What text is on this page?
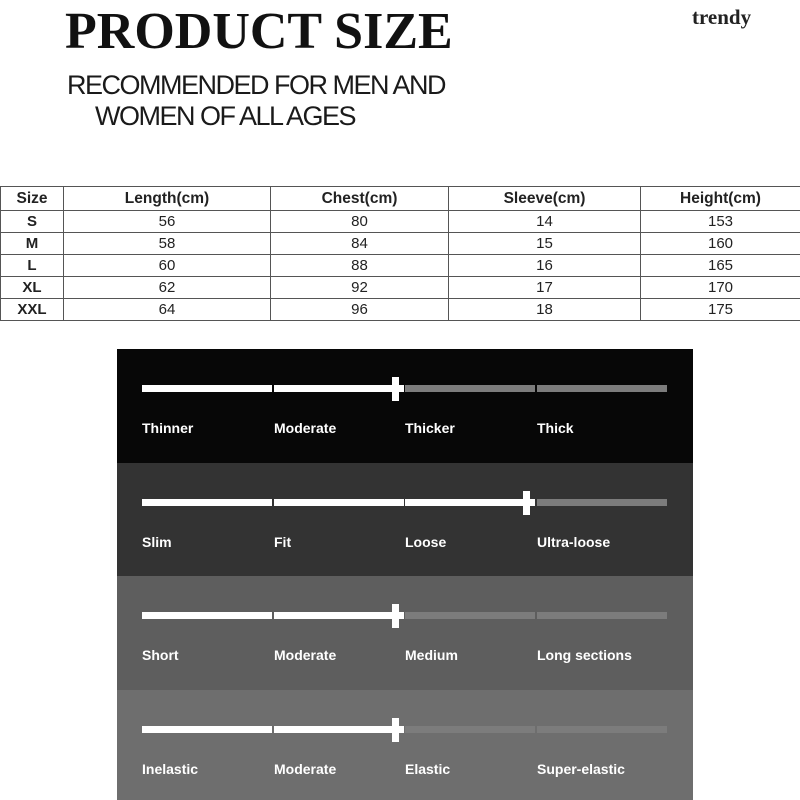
PRODUCT SIZE	trendy
RECOMMENDED FOR MEN AND
WOMEN OF ALL AGES
Size	Length(cm)	Chest(cm)	Sleeve(cm)	Height(cm)
S	56	80	14	153
M	58	84	15	160
L	60	88	16	165
XL	62	92	17	170
XXL	64	96	18	175
Thinner	Moderate	Thicker	Thick
Slim	Fit	Loose	Ultra-loose
Short	Moderate	Medium	Long sections
Inelastic	Moderate	Elastic	Super-elastic
